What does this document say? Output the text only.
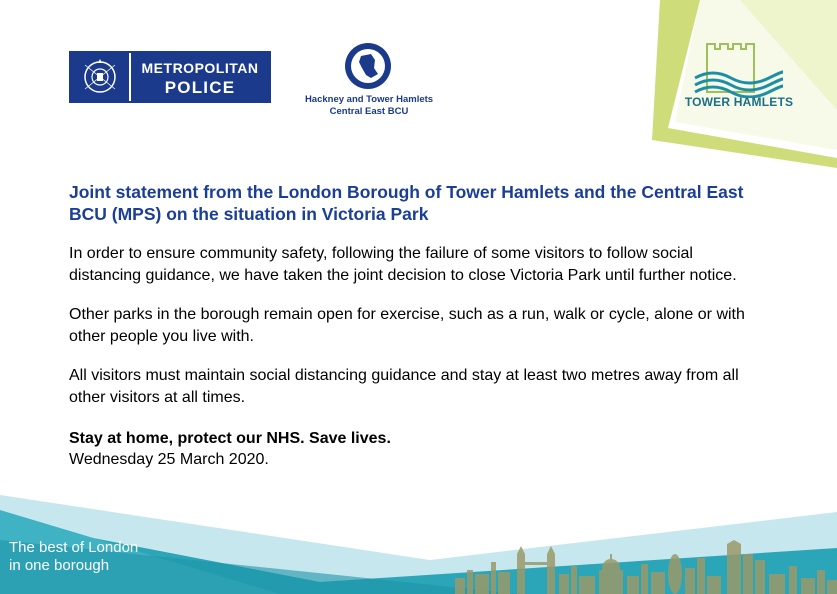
METROPOLITAN
POLICE
Hackney and Tower Hamlets
Central East BCU
TOWER HAMLETS
Joint statement from the London Borough of Tower Hamlets and the Central East BCU (MPS) on the situation in Victoria Park

In order to ensure community safety, following the failure of some visitors to follow social distancing guidance, we have taken the joint decision to close Victoria Park until further notice.

Other parks in the borough remain open for exercise, such as a run, walk or cycle, alone or with other people you live with.

All visitors must maintain social distancing guidance and stay at least two metres away from all other visitors at all times.

Stay at home, protect our NHS. Save lives.

Wednesday 25 March 2020.

The best of London
in one borough
